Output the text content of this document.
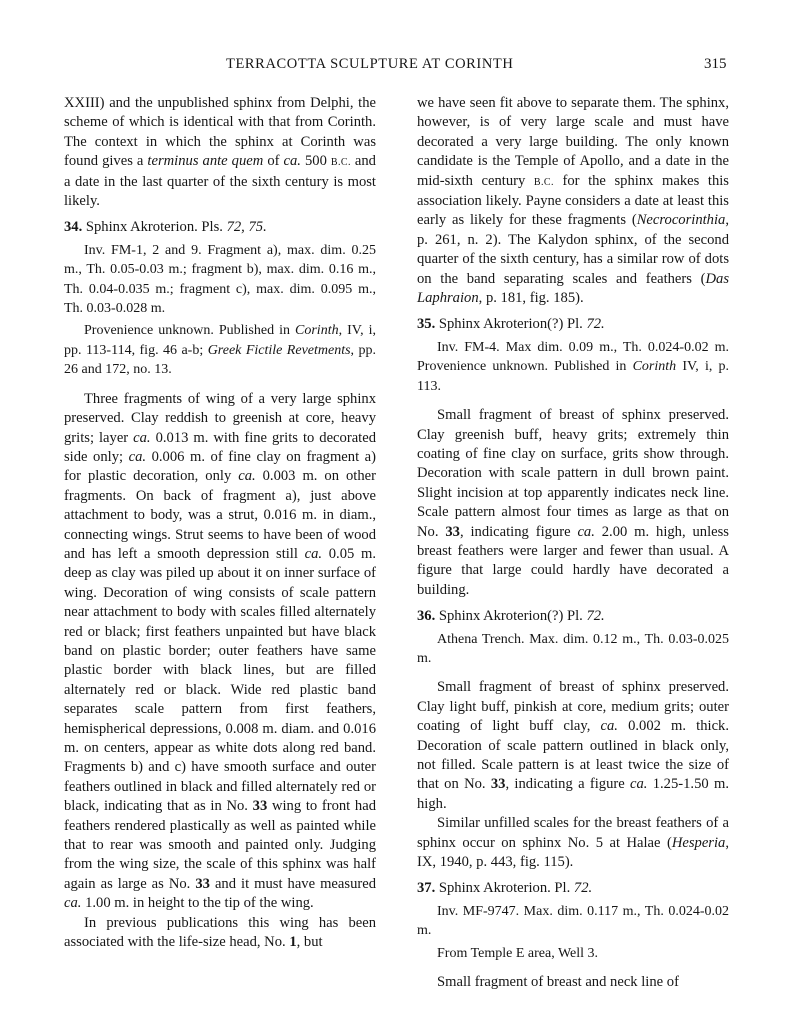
TERRACOTTA SCULPTURE AT CORINTH	315

XXIII) and the unpublished sphinx from Delphi, the scheme of which is identical with that from Corinth. The context in which the sphinx at Corinth was found gives a terminus ante quem of ca. 500 B.C. and a date in the last quarter of the sixth century is most likely.

34. Sphinx Akroterion. Pls. 72, 75.

Inv. FM-1, 2 and 9. Fragment a), max. dim. 0.25 m., Th. 0.05-0.03 m.; fragment b), max. dim. 0.16 m., Th. 0.04-0.035 m.; fragment c), max. dim. 0.095 m., Th. 0.03-0.028 m.

Provenience unknown. Published in Corinth, IV, i, pp. 113-114, fig. 46 a-b; Greek Fictile Revetments, pp. 26 and 172, no. 13.

Three fragments of wing of a very large sphinx preserved. Clay reddish to greenish at core, heavy grits; layer ca. 0.013 m. with fine grits to decorated side only; ca. 0.006 m. of fine clay on fragment a) for plastic decoration, only ca. 0.003 m. on other fragments. On back of fragment a), just above attachment to body, was a strut, 0.016 m. in diam., connecting wings. Strut seems to have been of wood and has left a smooth depression still ca. 0.05 m. deep as clay was piled up about it on inner surface of wing. Decoration of wing consists of scale pattern near attachment to body with scales filled alternately red or black; first feathers unpainted but have black band on plastic border; outer feathers have same plastic border with black lines, but are filled alternately red or black. Wide red plastic band separates scale pattern from first feathers, hemispherical depressions, 0.008 m. diam. and 0.016 m. on centers, appear as white dots along red band. Fragments b) and c) have smooth surface and outer feathers outlined in black and filled alternately red or black, indicating that as in No. 33 wing to front had feathers rendered plastically as well as painted while that to rear was smooth and painted only. Judging from the wing size, the scale of this sphinx was half again as large as No. 33 and it must have measured ca. 1.00 m. in height to the tip of the wing.

In previous publications this wing has been associated with the life-size head, No. 1, but

we have seen fit above to separate them. The sphinx, however, is of very large scale and must have decorated a very large building. The only known candidate is the Temple of Apollo, and a date in the mid-sixth century B.C. for the sphinx makes this association likely. Payne considers a date at least this early as likely for these fragments (Necrocorinthia, p. 261, n. 2). The Kalydon sphinx, of the second quarter of the sixth century, has a similar row of dots on the band separating scales and feathers (Das Laphraion, p. 181, fig. 185).

35. Sphinx Akroterion(?) Pl. 72.

Inv. FM-4. Max dim. 0.09 m., Th. 0.024-0.02 m. Provenience unknown. Published in Corinth IV, i, p. 113.

Small fragment of breast of sphinx preserved. Clay greenish buff, heavy grits; extremely thin coating of fine clay on surface, grits show through. Decoration with scale pattern in dull brown paint. Slight incision at top apparently indicates neck line. Scale pattern almost four times as large as that on No. 33, indicating figure ca. 2.00 m. high, unless breast feathers were larger and fewer than usual. A figure that large could hardly have decorated a building.

36. Sphinx Akroterion(?) Pl. 72.

Athena Trench. Max. dim. 0.12 m., Th. 0.03-0.025 m.

Small fragment of breast of sphinx preserved. Clay light buff, pinkish at core, medium grits; outer coating of light buff clay, ca. 0.002 m. thick. Decoration of scale pattern outlined in black only, not filled. Scale pattern is at least twice the size of that on No. 33, indicating a figure ca. 1.25-1.50 m. high.

Similar unfilled scales for the breast feathers of a sphinx occur on sphinx No. 5 at Halae (Hesperia, IX, 1940, p. 443, fig. 115).

37. Sphinx Akroterion. Pl. 72.

Inv. MF-9747. Max. dim. 0.117 m., Th. 0.024-0.02 m.

From Temple E area, Well 3.

Small fragment of breast and neck line of
